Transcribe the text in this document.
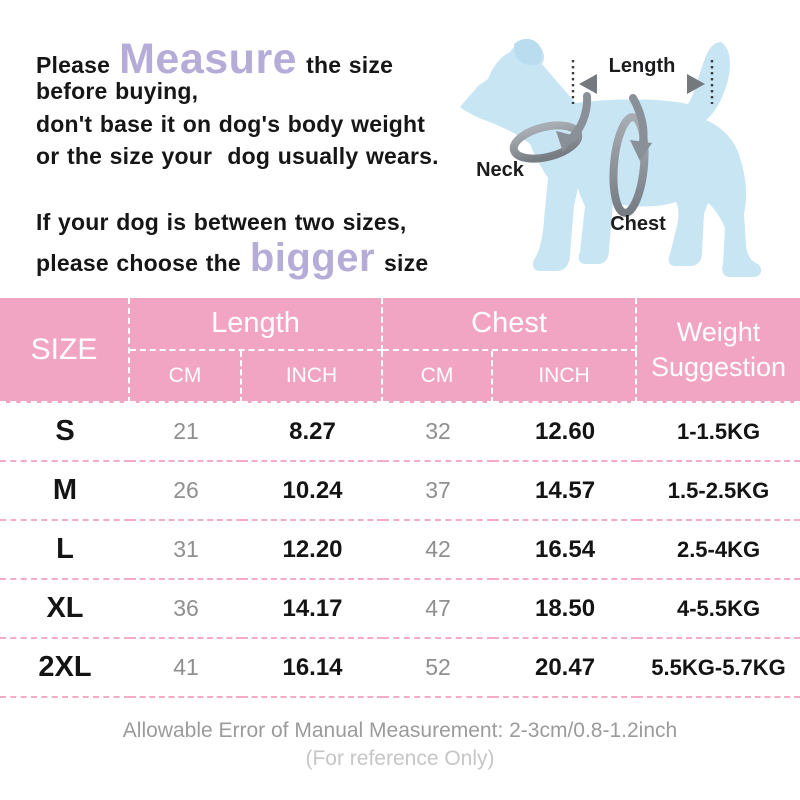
Please Measure the size
before buying,
don't base it on dog's body weight
or the size your  dog usually wears.
If your dog is between two sizes,
please choose the bigger size
Length
Neck
Chest
SIZE	Length		Chest		Weight
Suggestion

	CM	INCH	CM	INCH	
S	21	8.27	32	12.60	1-1.5KG
M	26	10.24	37	14.57	1.5-2.5KG
L	31	12.20	42	16.54	2.5-4KG
XL	36	14.17	47	18.50	4-5.5KG
2XL	41	16.14	52	20.47	5.5KG-5.7KG
Allowable Error of Manual Measurement: 2-3cm/0.8-1.2inch
(For reference Only)
